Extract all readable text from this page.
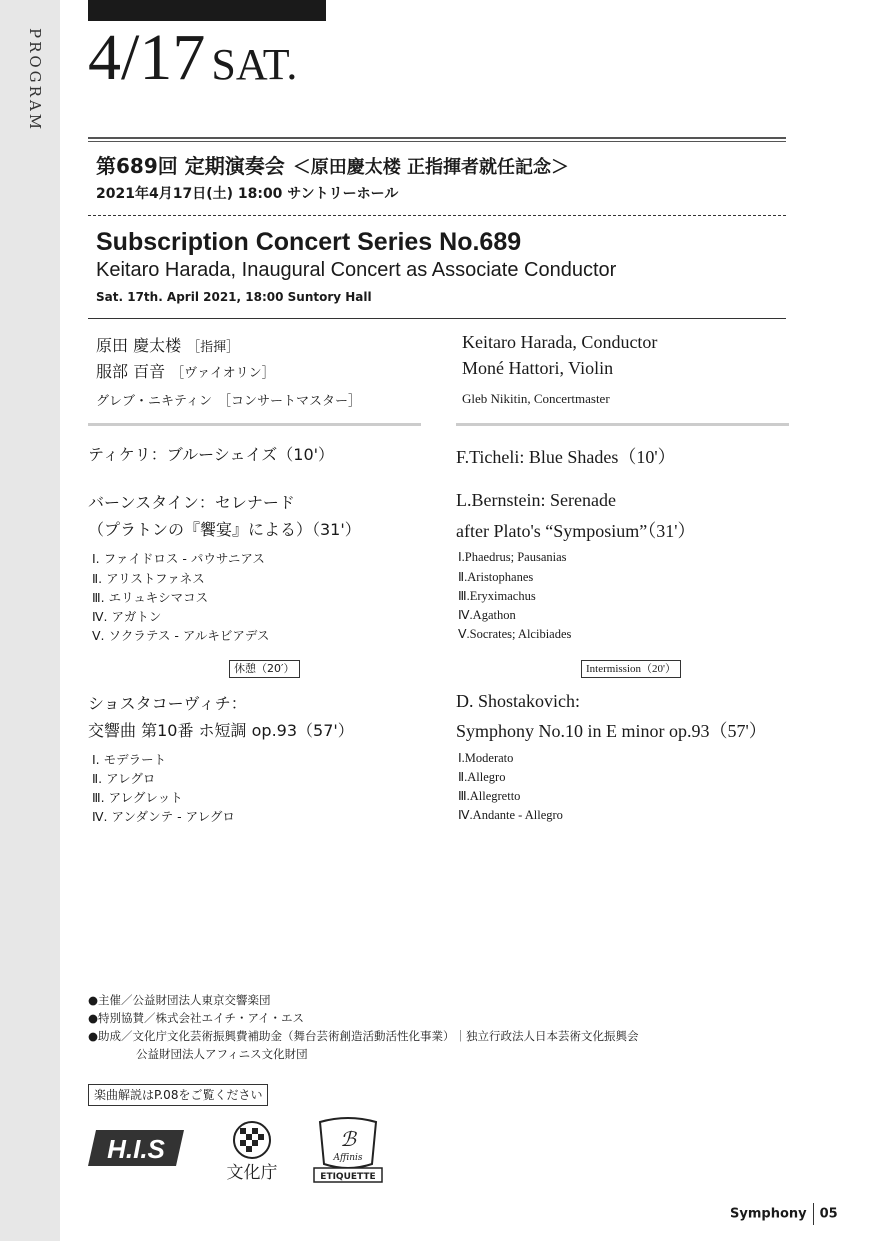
PROGRAM 4/17 SAT.
第689回 定期演奏会 ＜原田慶太楼 正指揮者就任記念＞
2021年4月17日(土) 18:00 サントリーホール
Subscription Concert Series No.689
Keitaro Harada, Inaugural Concert as Associate Conductor
Sat. 17th. April 2021, 18:00 Suntory Hall
原田 慶太楼 ［指揮］
服部 百音 ［ヴァイオリン］
グレブ・ニキティン ［コンサートマスター］
Keitaro Harada, Conductor
Moné Hattori, Violin
Gleb Nikitin, Concertmaster
ティケリ：ブルーシェイズ（10'）
バーンスタイン：セレナード
（プラトンの『饗宴』による）（31'）
Ⅰ. ファイドロス - パウサニアス
Ⅱ. アリストファネス
Ⅲ. エリュキシマコス
Ⅳ. アガトン
Ⅴ. ソクラテス - アルキビアデス
休憩（20′）
ショスタコーヴィチ：
交響曲 第10番 ホ短調 op.93（57'）
Ⅰ. モデラート
Ⅱ. アレグロ
Ⅲ. アレグレット
Ⅳ. アンダンテ - アレグロ
F.Ticheli: Blue Shades（10'）
L.Bernstein: Serenade
after Plato's “Symposium”（31'）
Ⅰ.Phaedrus; Pausanias
Ⅱ.Aristophanes
Ⅲ.Eryximachus
Ⅳ.Agathon
Ⅴ.Socrates; Alcibiades
Intermission（20'）
D. Shostakovich:
Symphony No.10 in E minor op.93（57'）
Ⅰ.Moderato
Ⅱ.Allegro
Ⅲ.Allegretto
Ⅳ.Andante - Allegro
●主催／公益財団法人東京交響楽団
●特別協賛／株式会社エイチ・アイ・エス
●助成／文化庁文化芸術振興費補助金（舞台芸術創造活動活性化事業）｜独立行政法人日本芸術文化振興会
公益財団法人アフィニス文化財団
楽曲解説はP.08をご覧ください
H.I.S
文化庁
ℬ
Affinis
ETIQUETTE
Symphony 05
